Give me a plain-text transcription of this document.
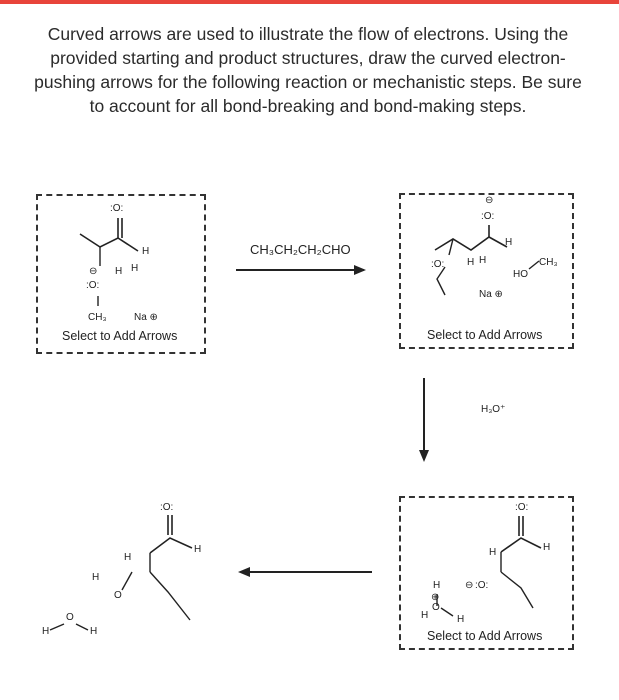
Curved arrows are used to illustrate the flow of electrons. Using the provided starting and product structures, draw the curved electron-pushing arrows for the following reaction or mechanistic steps. Be sure to account for all bond-breaking and bond-making steps.
:O:
H
H H
⊖
:O:
CH₃	Na ⊕
Select to Add Arrows
CH₃CH₂CH₂CHO
⊖
:O:
H
H H
:O:	CH₃
HO
Na ⊕
Select to Add Arrows
H₃O⁺
:O:
H
H
:O:
⊖
H
O
⊕
H	H
Select to Add Arrows
:O:
H
H
H
O
O
H	H
